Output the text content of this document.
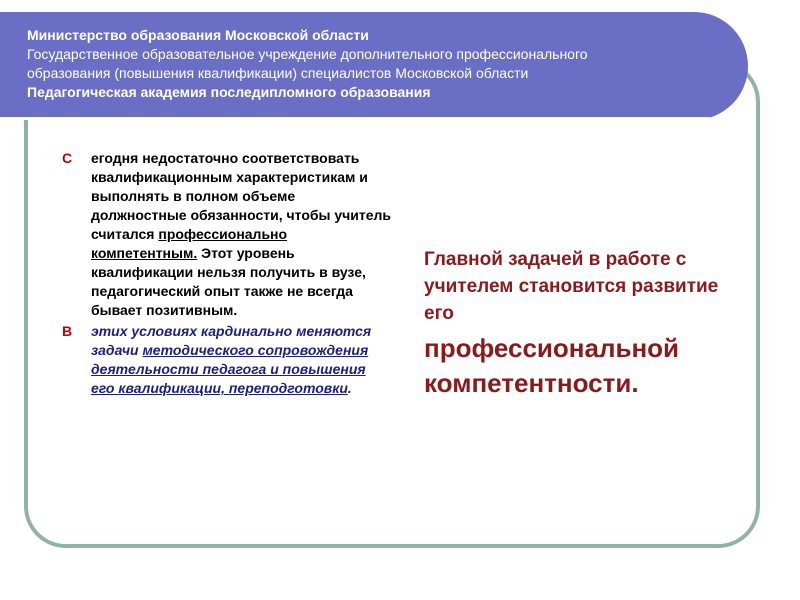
Министерство образования Московской области
Государственное образовательное учреждение дополнительного профессионального
образования (повышения квалификации) специалистов Московской области
Педагогическая академия последипломного образования
С	егодня недостаточно соответствовать квалификационным характеристикам и выполнять в полном объеме должностные обязанности, чтобы учитель считался профессионально компетентным. Этот уровень квалификации нельзя получить в вузе, педагогический опыт также не всегда бывает позитивным.
В	этих условиях кардинально меняются задачи методического сопровождения деятельности педагога и повышения его квалификации, переподготовки.
Главной задачей в работе с учителем становится развитие его
профессиональной компетентности.
